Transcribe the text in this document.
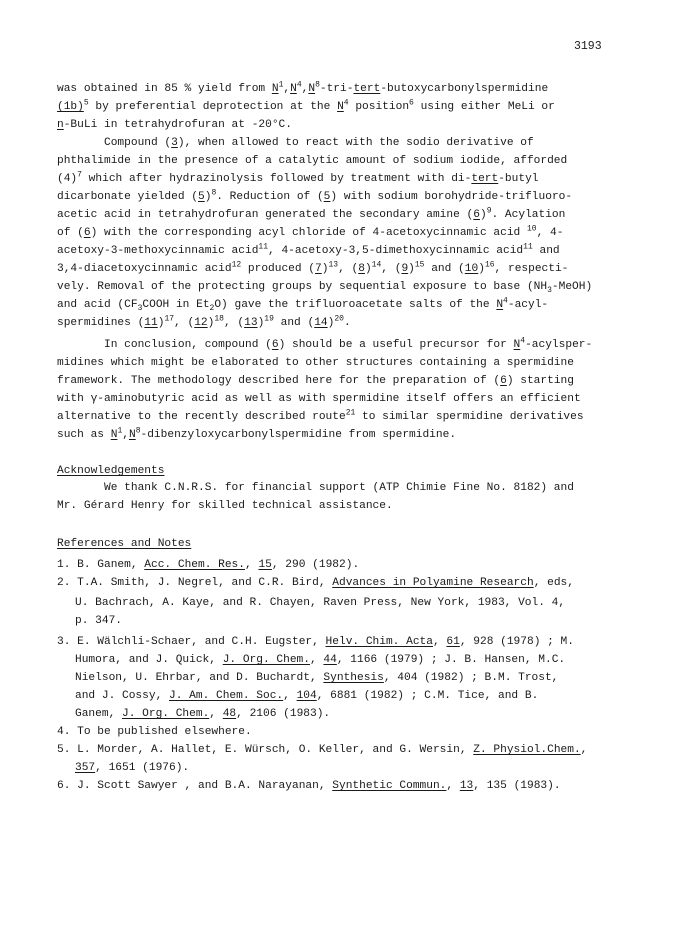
3193
was obtained in 85 % yield from $N^1,N^4,N^8-tri-tert$-butoxycarbonylspermidine
$(1b)^5$ by preferential deprotection at the $N^4$ position$^6$ using either MeLi or
n-BuLi in tetrahydrofuran at -20°C.
Compound (3), when allowed to react with the sodio derivative of
phthalimide in the presence of a catalytic amount of sodium iodide, afforded
$(4)^7$ which after hydrazinolysis followed by treatment with di-tert-butyl
dicarbonate yielded $(5)^8$. Reduction of (5) with sodium borohydride-trifluoro-
acetic acid in tetrahydrofuran generated the secondary amine $(6)^9$. Acylation
of (6) with the corresponding acyl chloride of 4-acetoxycinnamic acid $^{10}$, 4-
acetoxy-3-methoxycinnamic acid$^{11}$, 4-acetoxy-3,5-dimethoxycinnamic acid$^{11}$ and
3,4-diacetoxycinnamic acid$^{12}$ produced $(7)^{13}$, $(8)^{14}$, $(9)^{15}$ and $(10)^{16}$, respecti-
vely. Removal of the protecting groups by sequential exposure to base $(NH_3-MeOH)$
and acid ($CF_3COOH$ in $Et_2O$) gave the trifluoroacetate salts of the $N^4-acyl-$
spermidines $(11)^{17}$, $(12)^{18}$, $(13)^{19}$ and $(14)^{20}$.
In conclusion, compound (6) should be a useful precursor for $N^4-acylsper-$
midines which might be elaborated to other structures containing a spermidine
framework. The methodology described here for the preparation of (6) starting
with γ-aminobutyric acid as well as with spermidine itself offers an efficient
alternative to the recently described route$^{21}$ to similar spermidine derivatives
such as $N^1,N^8$-dibenzyloxycarbonylspermidine from spermidine.
Acknowledgements
We thank C.N.R.S. for financial support (ATP Chimie Fine No. 8182) and
Mr. Gérard Henry for skilled technical assistance.
References and Notes
1. B. Ganem, Acc. Chem. Res., 15, 290 (1982).
2. T.A. Smith, J. Negrel, and C.R. Bird, Advances in Polyamine Research, eds,
U. Bachrach, A. Kaye, and R. Chayen, Raven Press, New York, 1983, Vol. 4,
p. 347.
3. E. Wälchli-Schaer, and C.H. Eugster, Helv. Chim. Acta, 61, 928 (1978) ; M.
Humora, and J. Quick, J. Org. Chem., 44, 1166 (1979) ; J. B. Hansen, M.C.
Nielson, U. Ehrbar, and D. Buchardt, Synthesis, 404 (1982) ; B.M. Trost,
and J. Cossy, J. Am. Chem. Soc., 104, 6881 (1982) ; C.M. Tice, and B.
Ganem, J. Org. Chem., 48, 2106 (1983).
4. To be published elsewhere.
5. L. Morder, A. Hallet, E. Würsch, O. Keller, and G. Wersin, Z. Physiol.Chem.,
357, 1651 (1976).
6. J. Scott Sawyer , and B.A. Narayanan, Synthetic Commun., 13, 135 (1983).
